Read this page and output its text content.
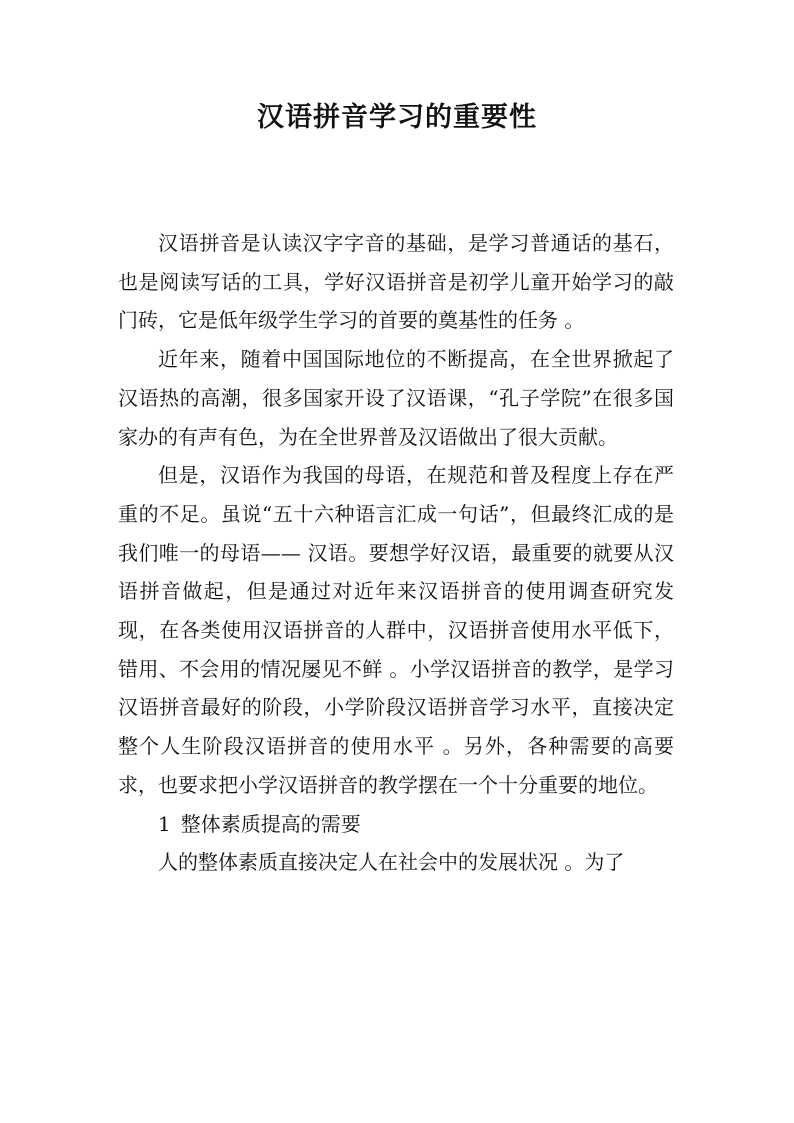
汉语拼音学习的重要性

汉语拼音是认读汉字字音的基础，是学习普通话的基石，也是阅读写话的工具，学好汉语拼音是初学儿童开始学习的敲门砖，它是低年级学生学习的首要的奠基性的任务 。

近年来，随着中国国际地位的不断提高，在全世界掀起了汉语热的高潮，很多国家开设了汉语课，“孔子学院”在很多国家办的有声有色，为在全世界普及汉语做出了很大贡献。

但是，汉语作为我国的母语，在规范和普及程度上存在严重的不足。虽说“五十六种语言汇成一句话”，但最终汇成的是我们唯一的母语—— 汉语。要想学好汉语，最重要的就要从汉语拼音做起，但是通过对近年来汉语拼音的使用调查研究发现，在各类使用汉语拼音的人群中，汉语拼音使用水平低下，错用、不会用的情况屡见不鲜 。小学汉语拼音的教学，是学习汉语拼音最好的阶段，小学阶段汉语拼音学习水平，直接决定整个人生阶段汉语拼音的使用水平 。另外，各种需要的高要求，也要求把小学汉语拼音的教学摆在一个十分重要的地位。

1 整体素质提高的需要

人的整体素质直接决定人在社会中的发展状况 。为了
